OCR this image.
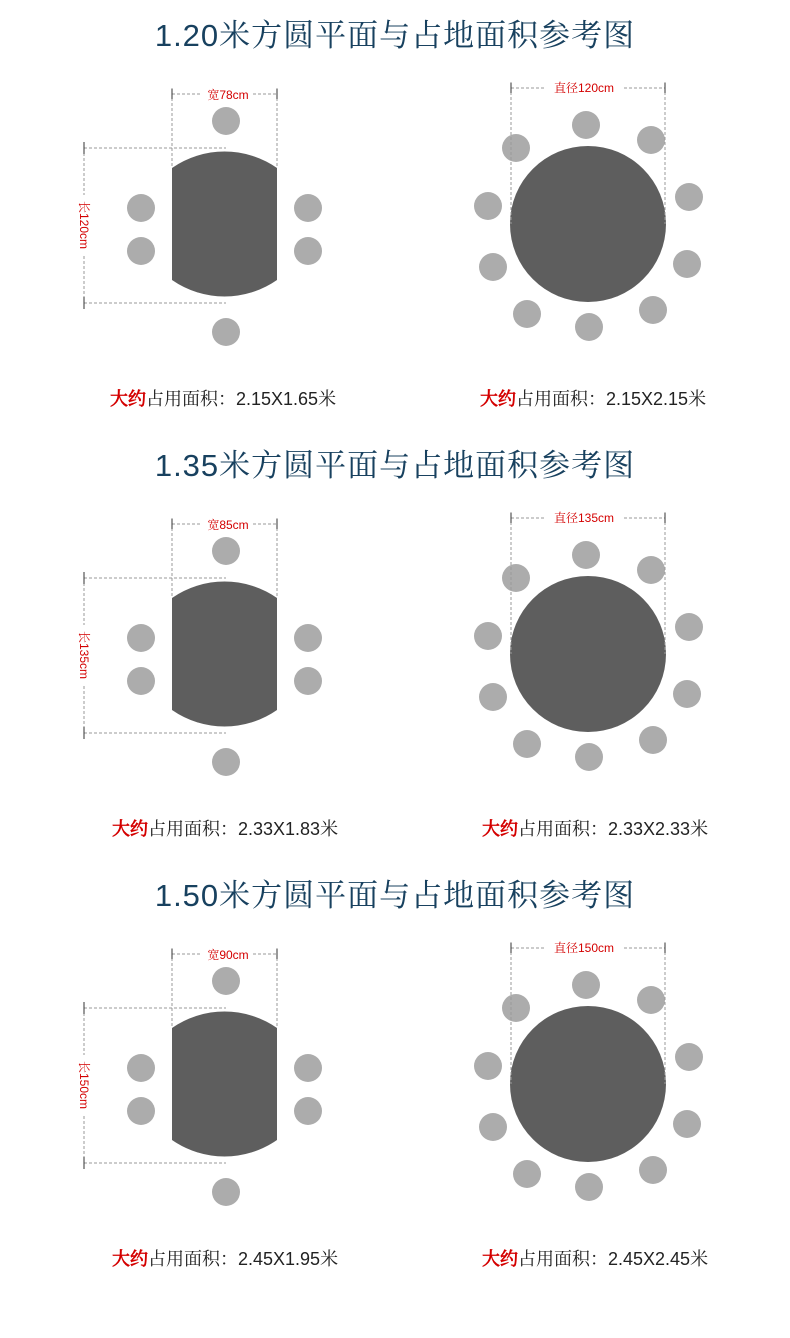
1.20米方圆平面与占地面积参考图
宽78cm
长120cm
直径120cm
大约占用面积：2.15X1.65米	大约占用面积：2.15X2.15米
1.35米方圆平面与占地面积参考图
宽85cm
长135cm
直径135cm
大约占用面积：2.33X1.83米	大约占用面积：2.33X2.33米
1.50米方圆平面与占地面积参考图
宽90cm
长150cm
直径150cm
大约占用面积：2.45X1.95米	大约占用面积：2.45X2.45米
